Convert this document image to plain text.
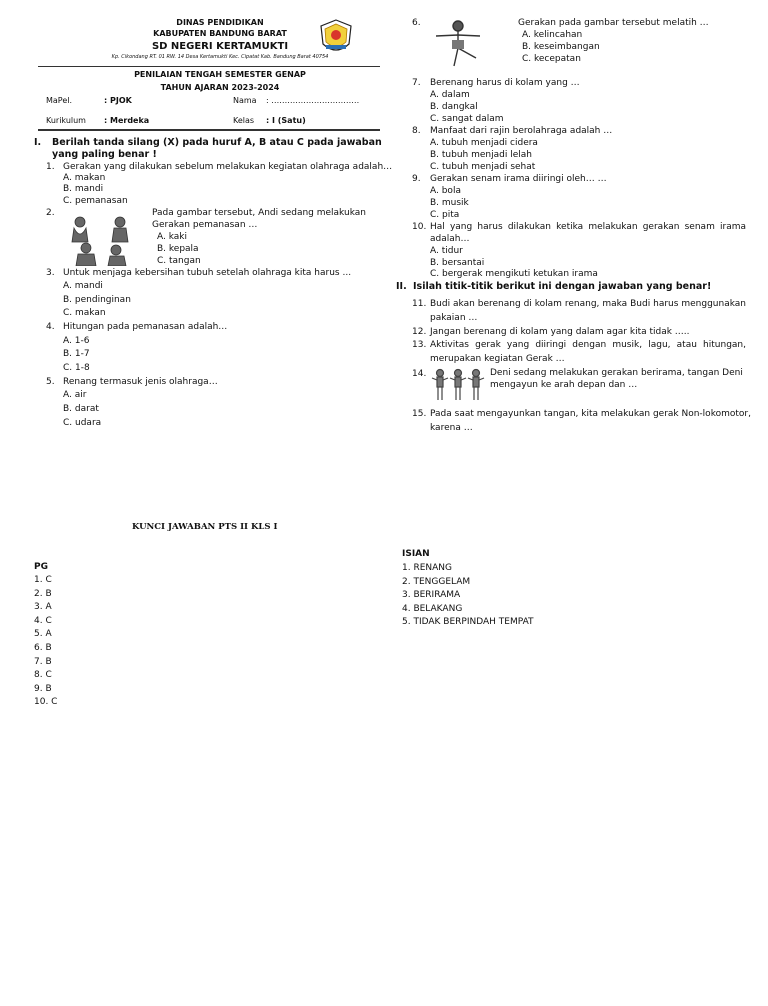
DINAS PENDIDIKAN
KABUPATEN BANDUNG BARAT
SD NEGERI KERTAMUKTI
Kp. Cikondang RT. 01 RW. 14 Desa Kertamukti Kec. Cipatat Kab. Bandung Barat 40754
PENILAIAN TENGAH SEMESTER GENAP
TAHUN AJARAN 2023-2024
MaPel.	: PJOK	Nama : ……………………………
Kurikulum : Merdeka	Kelas : I (Satu)
I. Berilah tanda silang (X) pada huruf A, B atau C pada jawaban
yang paling benar !
1. Gerakan yang dilakukan sebelum melakukan kegiatan olahraga adalah…
A. makan
B. mandi
C. pemanasan
2.	Pada gambar tersebut, Andi sedang melakukan
Gerakan pemanasan …
A. kaki
B. kepala
C. tangan
3. Untuk menjaga kebersihan tubuh setelah olahraga kita harus ...
A. mandi
B. pendinginan
C. makan
4. Hitungan pada pemanasan adalah…
A. 1-6
B. 1-7
C. 1-8
5. Renang termasuk jenis olahraga…
A. air
B. darat
C. udara
6.	Gerakan pada gambar tersebut melatih …
A. kelincahan
B. keseimbangan
C. kecepatan
7. Berenang harus di kolam yang …
A. dalam
B. dangkal
C. sangat dalam
8. Manfaat dari rajin berolahraga adalah …
A. tubuh menjadi cidera
B. tubuh menjadi lelah
C. tubuh menjadi sehat
9. Gerakan senam irama diiringi oleh… …
A. bola
B. musik
C. pita
10. Hal yang harus dilakukan ketika melakukan gerakan senam irama
adalah…
A. tidur
B. bersantai
C. bergerak mengikuti ketukan irama
II. Isilah titik-titik berikut ini dengan jawaban yang benar!
11. Budi akan berenang di kolam renang, maka Budi harus menggunakan
pakaian …
12. Jangan berenang di kolam yang dalam agar kita tidak …..
13. Aktivitas gerak yang diiringi dengan musik, lagu, atau hitungan,
merupakan kegiatan Gerak …
14.	Deni sedang melakukan gerakan berirama, tangan Deni
mengayun ke arah depan dan …
15. Pada saat mengayunkan tangan, kita melakukan gerak Non-lokomotor,
karena …
KUNCI JAWABAN PTS II KLS I
PG
1. C
2. B
3. A
4. C
5. A
6. B
7. B
8. C
9. B
10. C
ISIAN
1. RENANG
2. TENGGELAM
3. BERIRAMA
4. BELAKANG
5. TIDAK BERPINDAH TEMPAT
